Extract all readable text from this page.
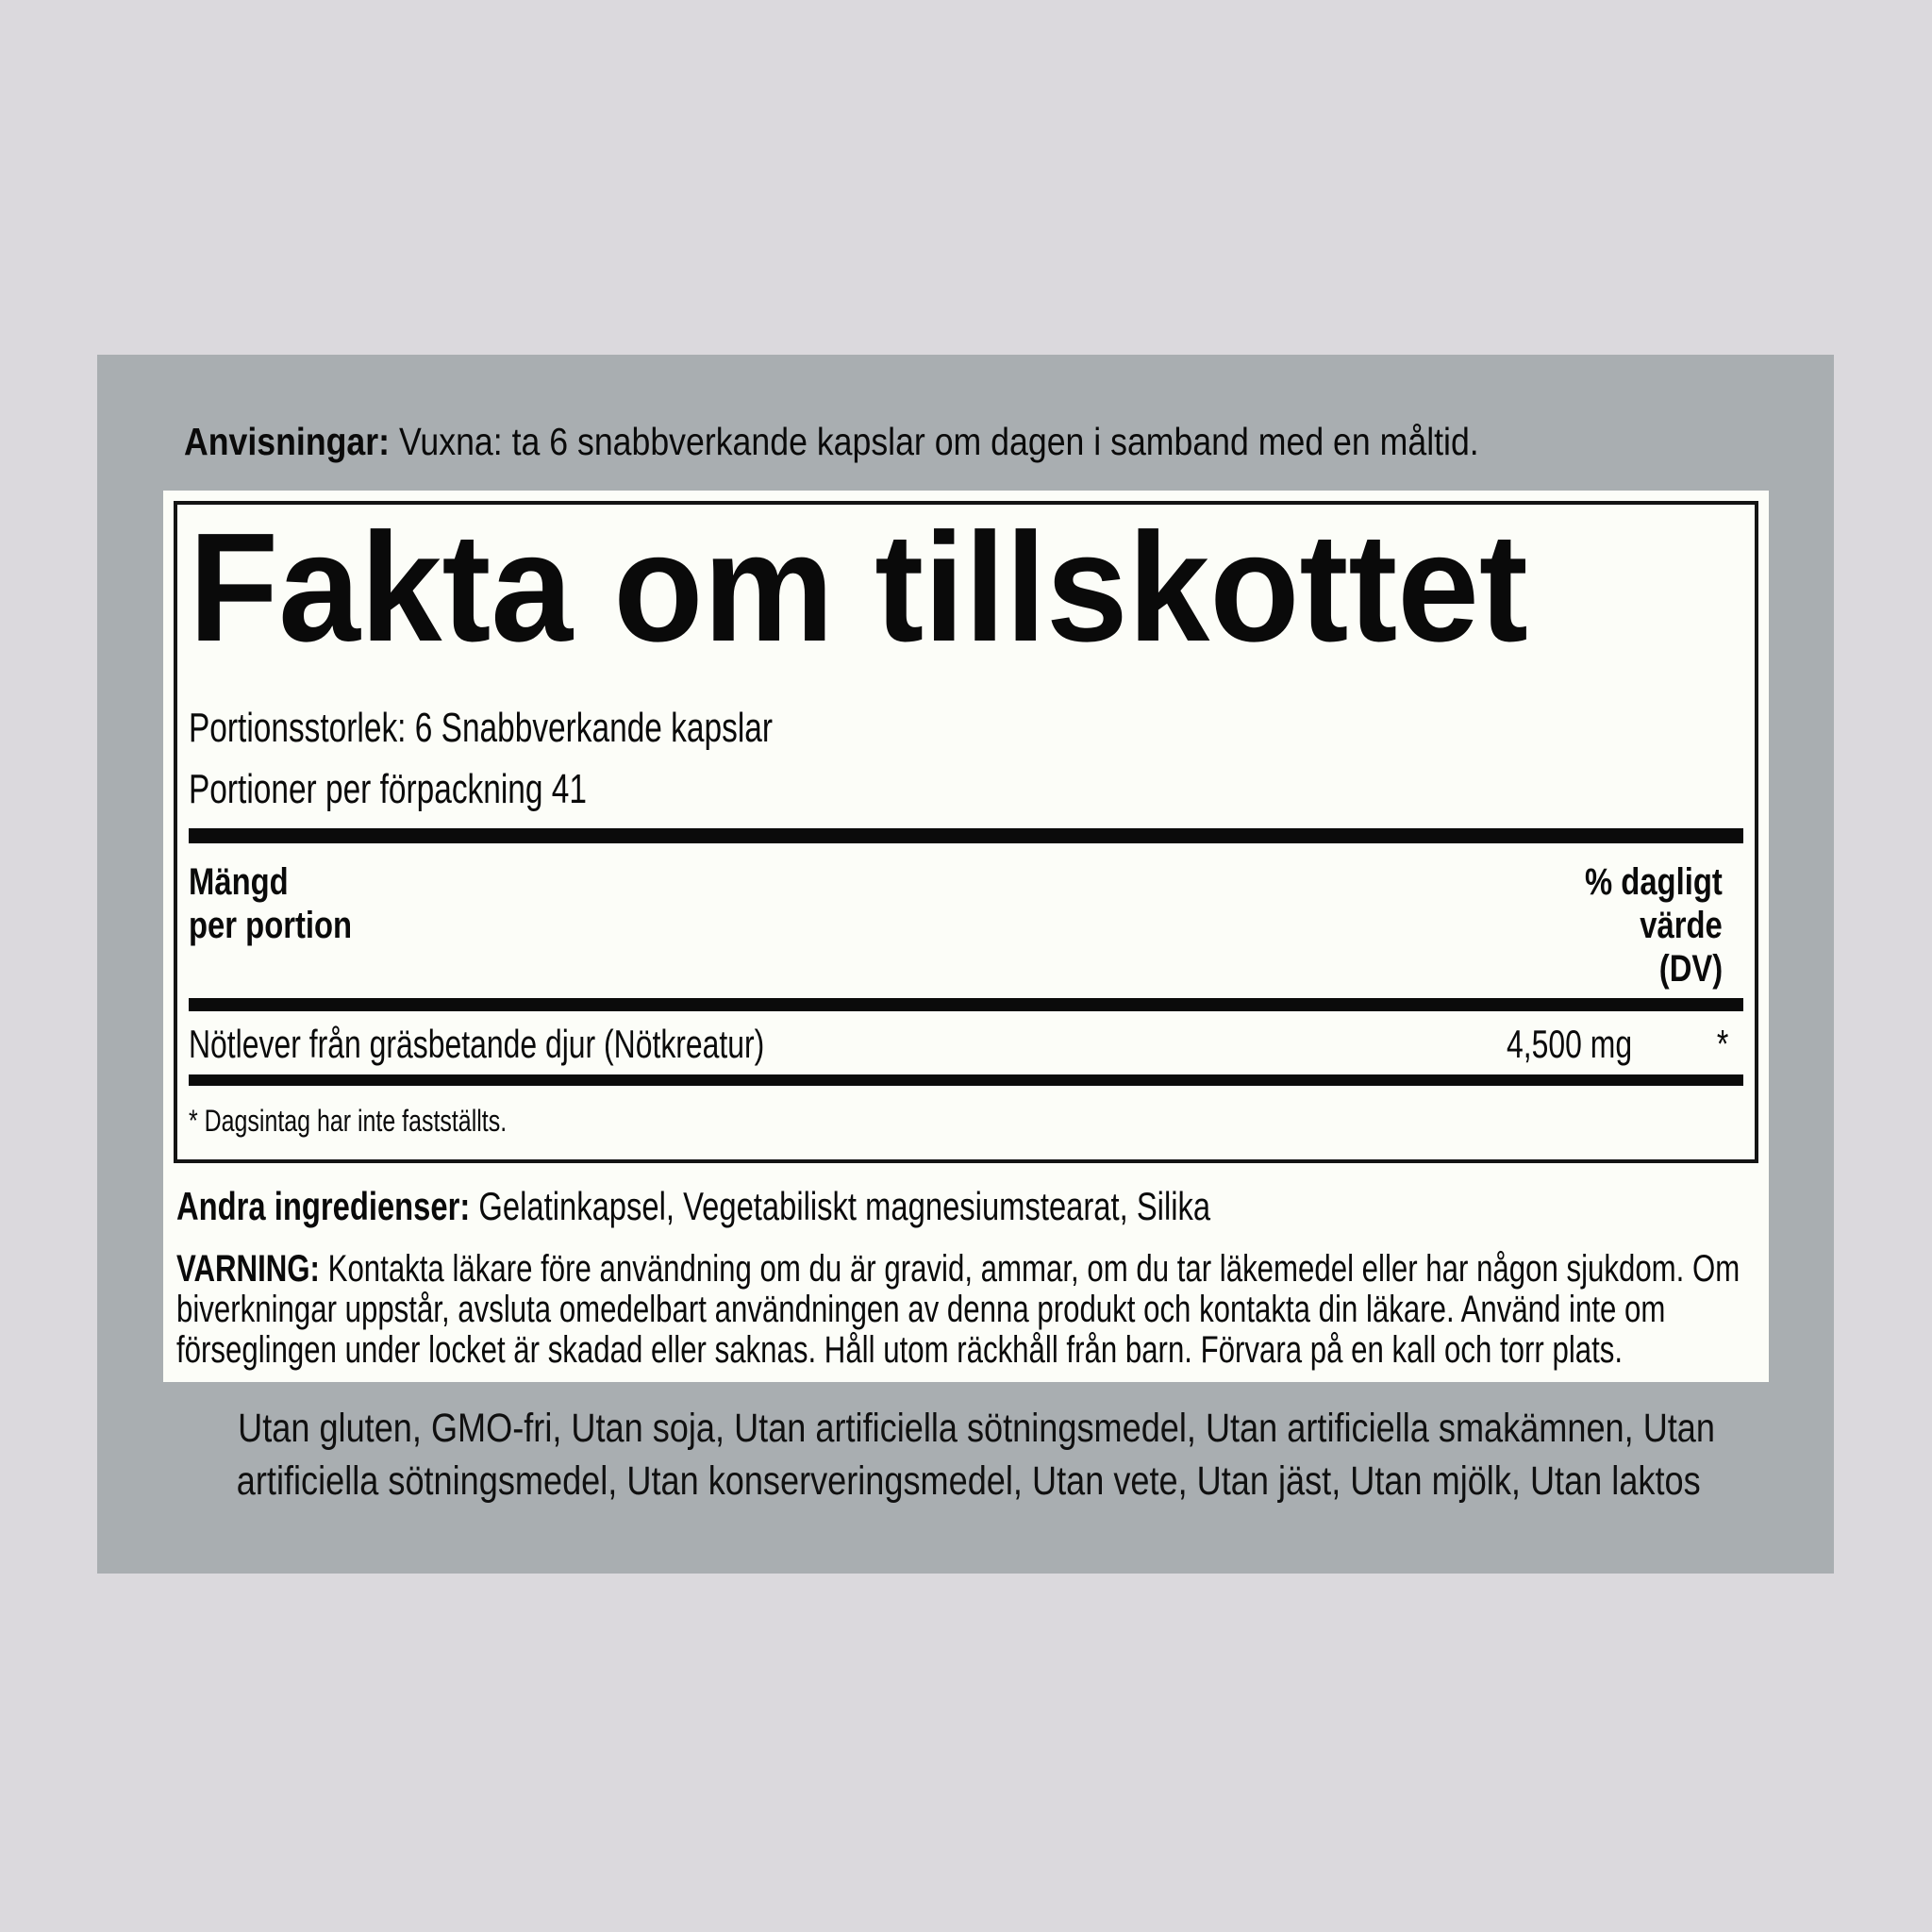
Anvisningar: Vuxna: ta 6 snabbverkande kapslar om dagen i samband med en måltid.
Fakta om tillskottet
Portionsstorlek: 6 Snabbverkande kapslar
Portioner per förpackning 41
Mängd
per portion
% dagligt
värde
(DV)
Nötlever från gräsbetande djur (Nötkreatur)	4,500 mg	*
* Dagsintag har inte fastställts.
Andra ingredienser: Gelatinkapsel, Vegetabiliskt magnesiumstearat, Silika
VARNING: Kontakta läkare före användning om du är gravid, ammar, om du tar läkemedel eller har någon sjukdom. Om
biverkningar uppstår, avsluta omedelbart användningen av denna produkt och kontakta din läkare. Använd inte om
förseglingen under locket är skadad eller saknas. Håll utom räckhåll från barn. Förvara på en kall och torr plats.
Utan gluten, GMO-fri, Utan soja, Utan artificiella sötningsmedel, Utan artificiella smakämnen, Utan
artificiella sötningsmedel, Utan konserveringsmedel, Utan vete, Utan jäst, Utan mjölk, Utan laktos
